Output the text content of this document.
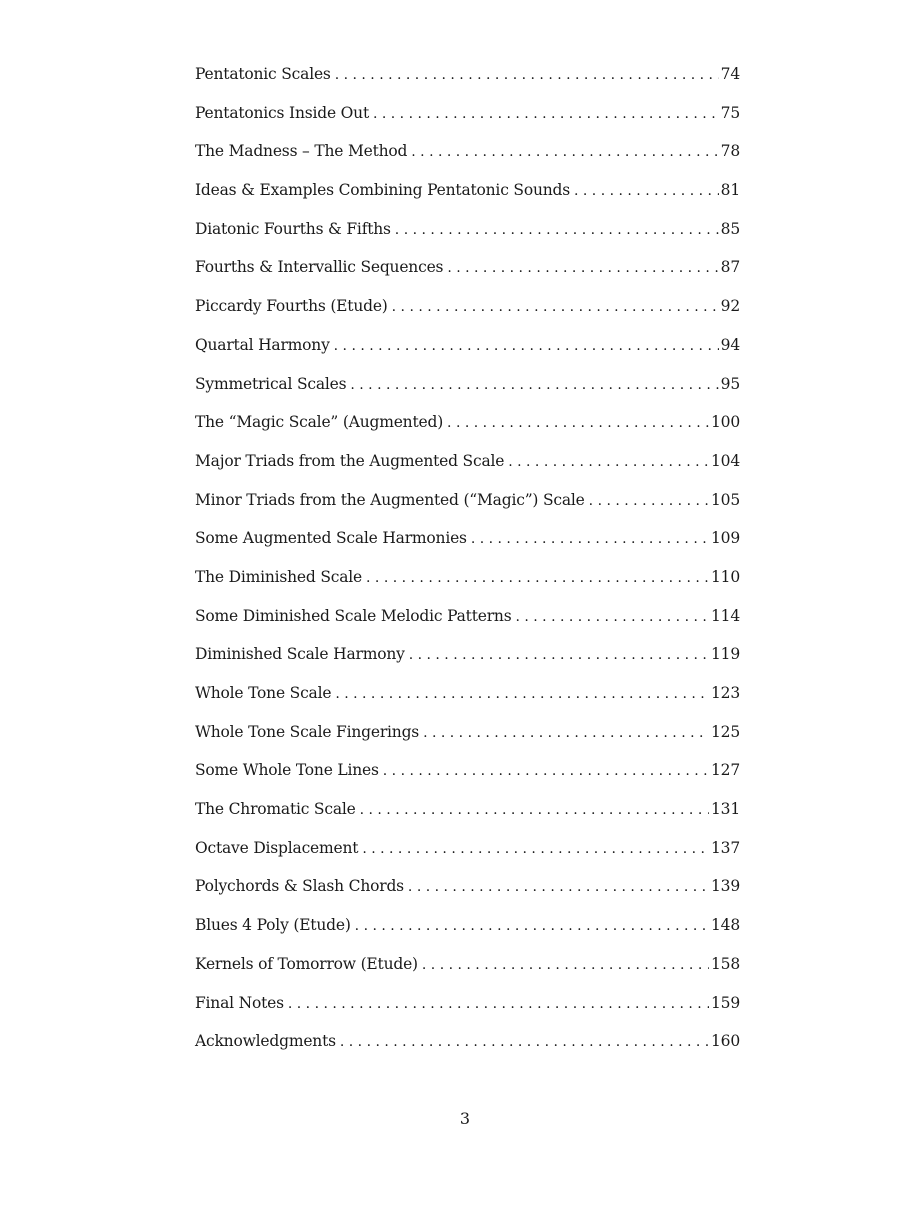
Pentatonic Scales . . .	74
Pentatonics Inside Out . . .	75
The Madness – The Method . . .	78
Ideas & Examples Combining Pentatonic Sounds . . .	81
Diatonic Fourths & Fifths . . .	85
Fourths & Intervallic Sequences . . .	87
Piccardy Fourths (Etude) . . .	92
Quartal Harmony . . .	94
Symmetrical Scales . . .	95
The “Magic Scale” (Augmented) . . .	100
Major Triads from the Augmented Scale . . .	104
Minor Triads from the Augmented (“Magic”) Scale . . .	105
Some Augmented Scale Harmonies . . .	109
The Diminished Scale . . .	110
Some Diminished Scale Melodic Patterns . . .	114
Diminished Scale Harmony . . .	119
Whole Tone Scale . . .	123
Whole Tone Scale Fingerings . . .	125
Some Whole Tone Lines . . .	127
The Chromatic Scale . . .	131
Octave Displacement . . .	137
Polychords & Slash Chords . . .	139
Blues 4 Poly (Etude) . . .	148
Kernels of Tomorrow (Etude) . . .	158
Final Notes . . .	159
Acknowledgments . . .	160
3
